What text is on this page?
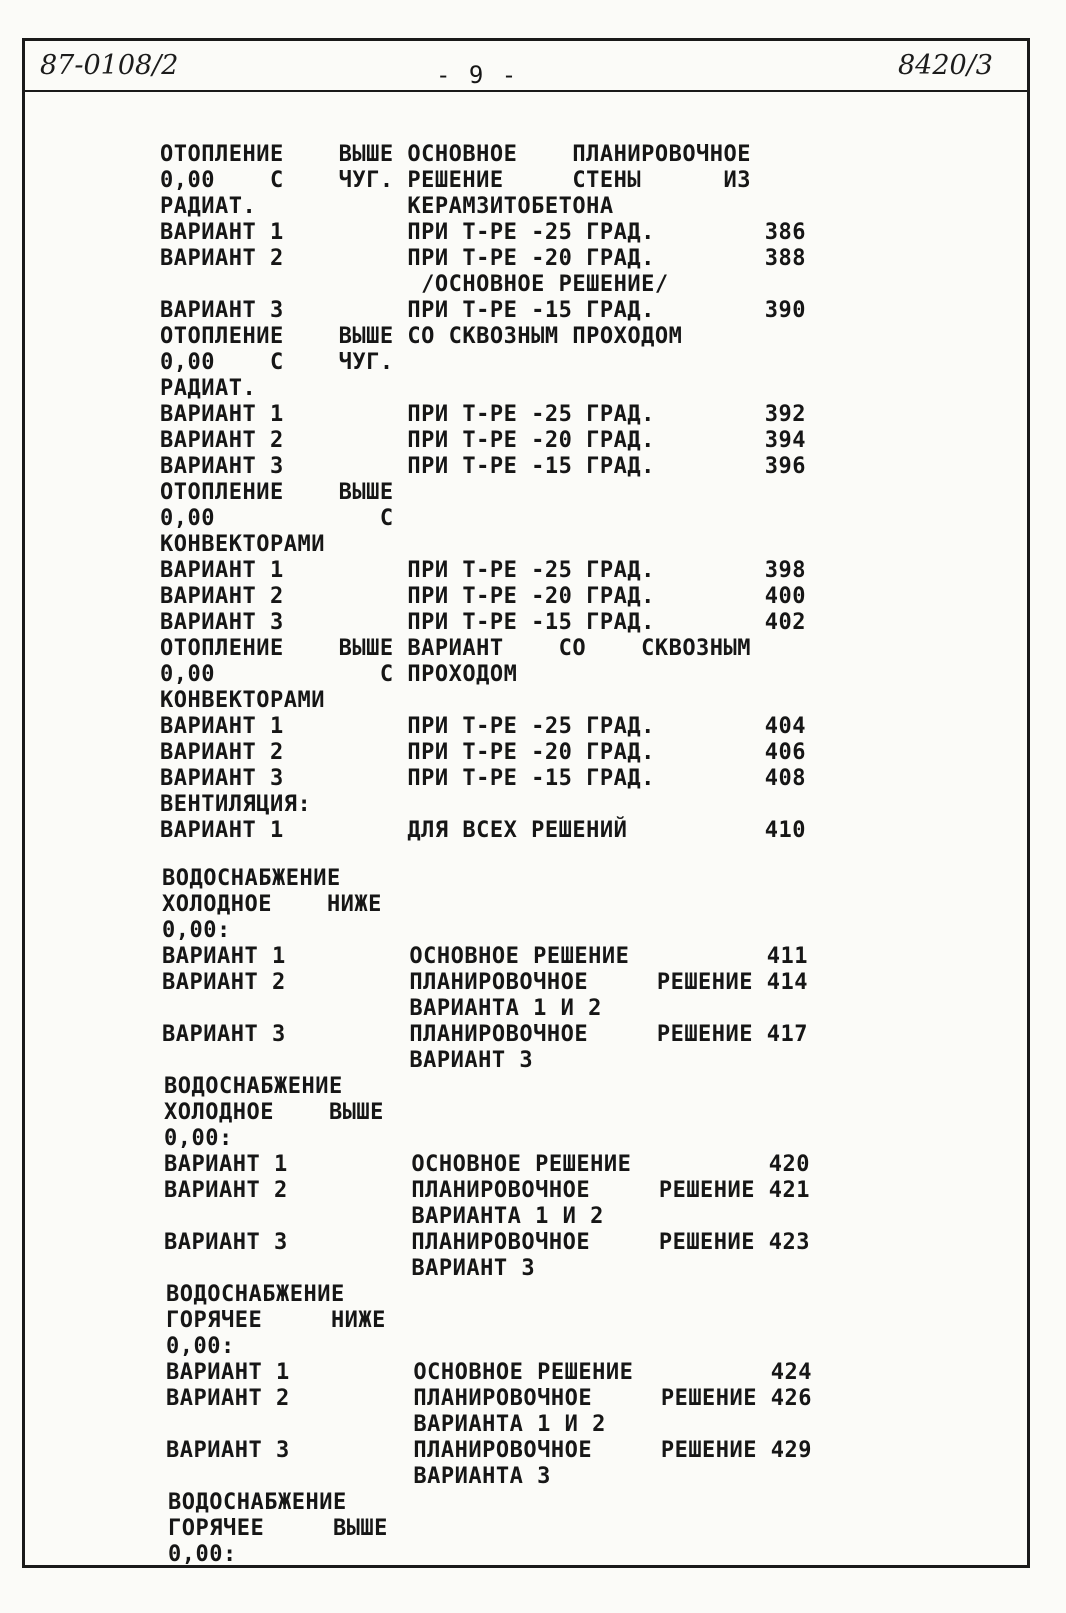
87-0108/2	- 9 -	8420/3
ОТОПЛЕНИЕ    ВЫШЕ ОСНОВНОЕ    ПЛАНИРОВОЧНОЕ
0,00    С    ЧУГ. РЕШЕНИЕ     СТЕНЫ      ИЗ
РАДИАТ.           КЕРАМЗИТОБЕТОНА
ВАРИАНТ 1         ПРИ Т-РЕ -25 ГРАД.        386
ВАРИАНТ 2         ПРИ Т-РЕ -20 ГРАД.        388
/ОСНОВНОЕ РЕШЕНИЕ/
ВАРИАНТ 3         ПРИ Т-РЕ -15 ГРАД.        390
ОТОПЛЕНИЕ    ВЫШЕ СО СКВОЗНЫМ ПРОХОДОМ
0,00    С    ЧУГ.
РАДИАТ.
ВАРИАНТ 1         ПРИ Т-РЕ -25 ГРАД.        392
ВАРИАНТ 2         ПРИ Т-РЕ -20 ГРАД.        394
ВАРИАНТ 3         ПРИ Т-РЕ -15 ГРАД.        396
ОТОПЛЕНИЕ    ВЫШЕ
0,00            С
КОНВЕКТОРАМИ
ВАРИАНТ 1         ПРИ Т-РЕ -25 ГРАД.        398
ВАРИАНТ 2         ПРИ Т-РЕ -20 ГРАД.        400
ВАРИАНТ 3         ПРИ Т-РЕ -15 ГРАД.        402
ОТОПЛЕНИЕ    ВЫШЕ ВАРИАНТ    СО    СКВОЗНЫМ
0,00            С ПРОХОДОМ
КОНВЕКТОРАМИ
ВАРИАНТ 1         ПРИ Т-РЕ -25 ГРАД.        404
ВАРИАНТ 2         ПРИ Т-РЕ -20 ГРАД.        406
ВАРИАНТ 3         ПРИ Т-РЕ -15 ГРАД.        408
ВЕНТИЛЯЦИЯ:
ВАРИАНТ 1         ДЛЯ ВСЕХ РЕШЕНИЙ          410
ВОДОСНАБЖЕНИЕ
ХОЛОДНОЕ    НИЖЕ
0,00:
ВАРИАНТ 1         ОСНОВНОЕ РЕШЕНИЕ          411
ВАРИАНТ 2         ПЛАНИРОВОЧНОЕ     РЕШЕНИЕ 414
ВАРИАНТА 1 И 2
ВАРИАНТ 3         ПЛАНИРОВОЧНОЕ     РЕШЕНИЕ 417
ВАРИАНТ 3
ВОДОСНАБЖЕНИЕ
ХОЛОДНОЕ    ВЫШЕ
0,00:
ВАРИАНТ 1         ОСНОВНОЕ РЕШЕНИЕ          420
ВАРИАНТ 2         ПЛАНИРОВОЧНОЕ     РЕШЕНИЕ 421
ВАРИАНТА 1 И 2
ВАРИАНТ 3         ПЛАНИРОВОЧНОЕ     РЕШЕНИЕ 423
ВАРИАНТ 3
ВОДОСНАБЖЕНИЕ
ГОРЯЧЕЕ     НИЖЕ
0,00:
ВАРИАНТ 1         ОСНОВНОЕ РЕШЕНИЕ          424
ВАРИАНТ 2         ПЛАНИРОВОЧНОЕ     РЕШЕНИЕ 426
ВАРИАНТА 1 И 2
ВАРИАНТ 3         ПЛАНИРОВОЧНОЕ     РЕШЕНИЕ 429
ВАРИАНТА 3
ВОДОСНАБЖЕНИЕ
ГОРЯЧЕЕ     ВЫШЕ
0,00:
